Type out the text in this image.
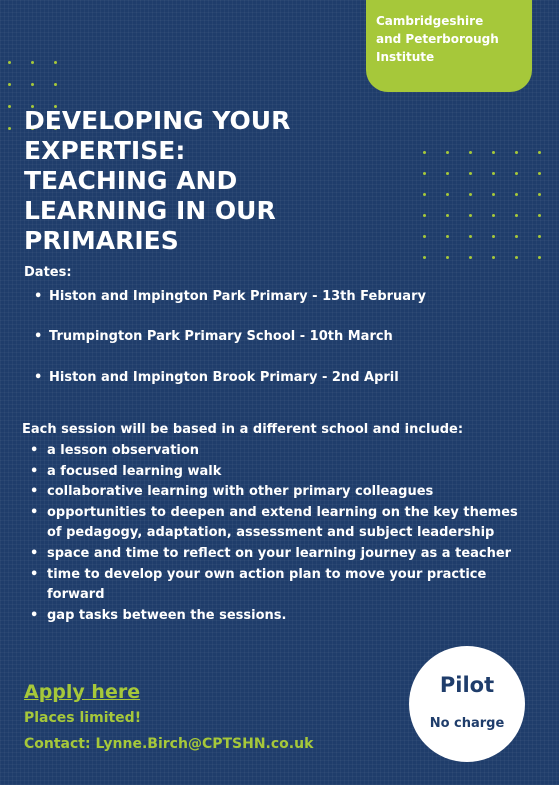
Cambridgeshire
and Peterborough
Institute
DEVELOPING YOUR
EXPERTISE:
TEACHING AND
LEARNING IN OUR
PRIMARIES
Dates:
• Histon and Impington Park Primary - 13th February
• Trumpington Park Primary School - 10th March
• Histon and Impington Brook Primary - 2nd April
Each session will be based in a different school and include:
• a lesson observation
• a focused learning walk
• collaborative learning with other primary colleagues
• opportunities to deepen and extend learning on the key themes of pedagogy, adaptation, assessment and subject leadership
• space and time to reflect on your learning journey as a teacher
• time to develop your own action plan to move your practice forward
• gap tasks between the sessions.
Apply here
Places limited!
Contact: Lynne.Birch@CPTSHN.co.uk
Pilot
No charge
